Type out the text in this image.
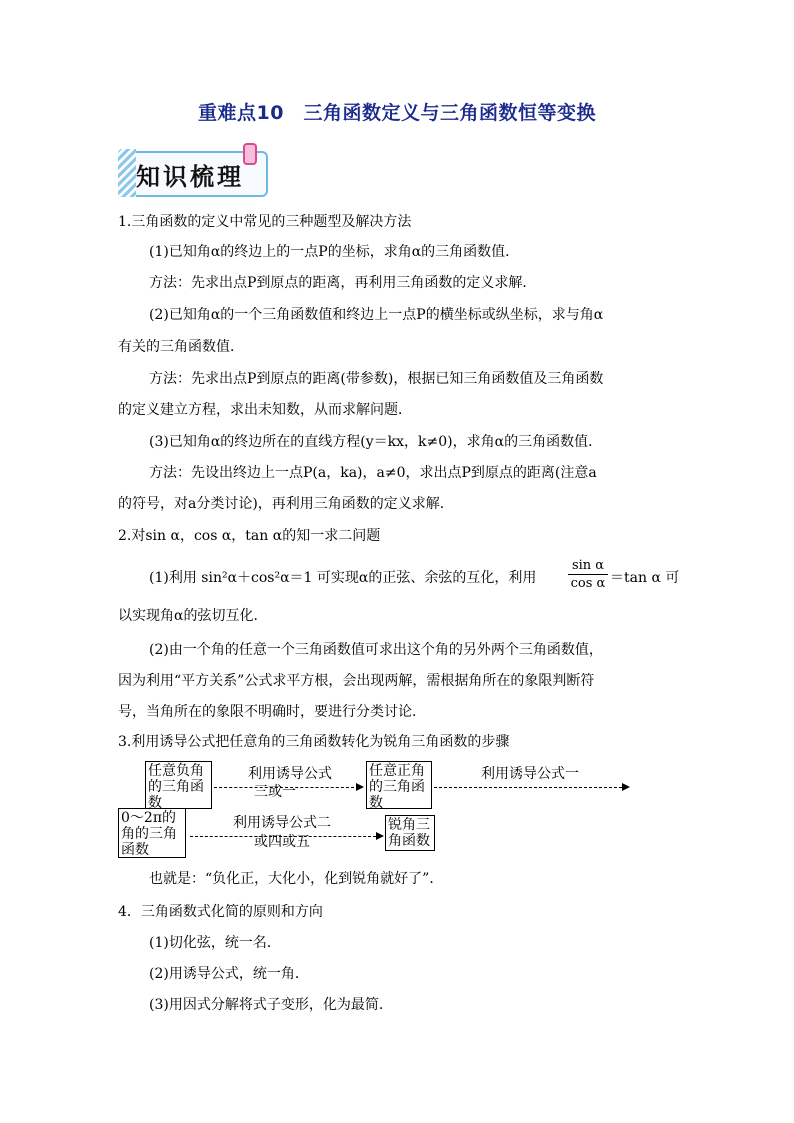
重难点10　三角函数定义与三角函数恒等变换
知识梳理
1.三角函数的定义中常见的三种题型及解决方法
(1)已知角α的终边上的一点P的坐标，求角α的三角函数值．
方法：先求出点P到原点的距离，再利用三角函数的定义求解．
(2)已知角α的一个三角函数值和终边上一点P的横坐标或纵坐标，求与角α
有关的三角函数值．
方法：先求出点P到原点的距离(带参数)，根据已知三角函数值及三角函数
的定义建立方程，求出未知数，从而求解问题．
(3)已知角α的终边所在的直线方程(y＝kx，k≠0)，求角α的三角函数值．
方法：先设出终边上一点P(a，ka)，a≠0，求出点P到原点的距离(注意a
的符号，对a分类讨论)，再利用三角函数的定义求解．
2.对sin α，cos α，tan α的知一求二问题
(1)利用 sin²α＋cos²α＝1 可实现α的正弦、余弦的互化，利用 $\frac{\text{sin α}}{\text{cos α}} =\tan$ α 可
以实现角α的弦切互化．
(2)由一个角的任意一个三角函数值可求出这个角的另外两个三角函数值，
因为利用“平方关系”公式求平方根，会出现两解，需根据角所在的象限判断符
号，当角所在的象限不明确时，要进行分类讨论．
3.利用诱导公式把任意角的三角函数转化为锐角三角函数的步骤
任意负角的三角函数
利用诱导公式
三或一
任意正角的三角函数
利用诱导公式一
0～2π的角的三角函数
利用诱导公式二
或四或五
锐角三角函数
也就是：“负化正，大化小，化到锐角就好了”．
4．三角函数式化简的原则和方向
(1)切化弦，统一名．
(2)用诱导公式，统一角．
(3)用因式分解将式子变形，化为最简．
